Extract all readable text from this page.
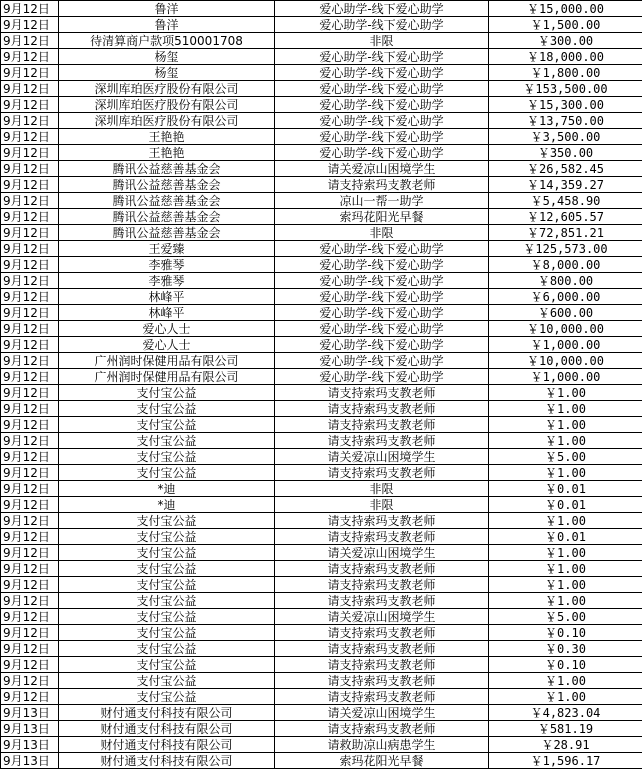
9月12日	鲁洋	爱心助学-线下爱心助学	￥15,000.00
9月12日	鲁洋	爱心助学-线下爱心助学	￥1,500.00
9月12日	待清算商户款项510001708	非限	￥300.00
9月12日	杨玺	爱心助学-线下爱心助学	￥18,000.00
9月12日	杨玺	爱心助学-线下爱心助学	￥1,800.00
9月12日	深圳库珀医疗股份有限公司	爱心助学-线下爱心助学	￥153,500.00
9月12日	深圳库珀医疗股份有限公司	爱心助学-线下爱心助学	￥15,300.00
9月12日	深圳库珀医疗股份有限公司	爱心助学-线下爱心助学	￥13,750.00
9月12日	王艳艳	爱心助学-线下爱心助学	￥3,500.00
9月12日	王艳艳	爱心助学-线下爱心助学	￥350.00
9月12日	腾讯公益慈善基金会	请关爱凉山困境学生	￥26,582.45
9月12日	腾讯公益慈善基金会	请支持索玛支教老师	￥14,359.27
9月12日	腾讯公益慈善基金会	凉山一帮一助学	￥5,458.90
9月12日	腾讯公益慈善基金会	索玛花阳光早餐	￥12,605.57
9月12日	腾讯公益慈善基金会	非限	￥72,851.21
9月12日	王爱臻	爱心助学-线下爱心助学	￥125,573.00
9月12日	李雅琴	爱心助学-线下爱心助学	￥8,000.00
9月12日	李雅琴	爱心助学-线下爱心助学	￥800.00
9月12日	林峰平	爱心助学-线下爱心助学	￥6,000.00
9月12日	林峰平	爱心助学-线下爱心助学	￥600.00
9月12日	爱心人士	爱心助学-线下爱心助学	￥10,000.00
9月12日	爱心人士	爱心助学-线下爱心助学	￥1,000.00
9月12日	广州润时保健用品有限公司	爱心助学-线下爱心助学	￥10,000.00
9月12日	广州润时保健用品有限公司	爱心助学-线下爱心助学	￥1,000.00
9月12日	支付宝公益	请支持索玛支教老师	￥1.00
9月12日	支付宝公益	请支持索玛支教老师	￥1.00
9月12日	支付宝公益	请支持索玛支教老师	￥1.00
9月12日	支付宝公益	请支持索玛支教老师	￥1.00
9月12日	支付宝公益	请关爱凉山困境学生	￥5.00
9月12日	支付宝公益	请支持索玛支教老师	￥1.00
9月12日	*迪	非限	￥0.01
9月12日	*迪	非限	￥0.01
9月12日	支付宝公益	请支持索玛支教老师	￥1.00
9月12日	支付宝公益	请支持索玛支教老师	￥0.01
9月12日	支付宝公益	请关爱凉山困境学生	￥1.00
9月12日	支付宝公益	请支持索玛支教老师	￥1.00
9月12日	支付宝公益	请支持索玛支教老师	￥1.00
9月12日	支付宝公益	请支持索玛支教老师	￥1.00
9月12日	支付宝公益	请关爱凉山困境学生	￥5.00
9月12日	支付宝公益	请支持索玛支教老师	￥0.10
9月12日	支付宝公益	请支持索玛支教老师	￥0.30
9月12日	支付宝公益	请支持索玛支教老师	￥0.10
9月12日	支付宝公益	请支持索玛支教老师	￥1.00
9月12日	支付宝公益	请支持索玛支教老师	￥1.00
9月13日	财付通支付科技有限公司	请关爱凉山困境学生	￥4,823.04
9月13日	财付通支付科技有限公司	请支持索玛支教老师	￥581.19
9月13日	财付通支付科技有限公司	请救助凉山病患学生	￥28.91
9月13日	财付通支付科技有限公司	索玛花阳光早餐	￥1,596.17
